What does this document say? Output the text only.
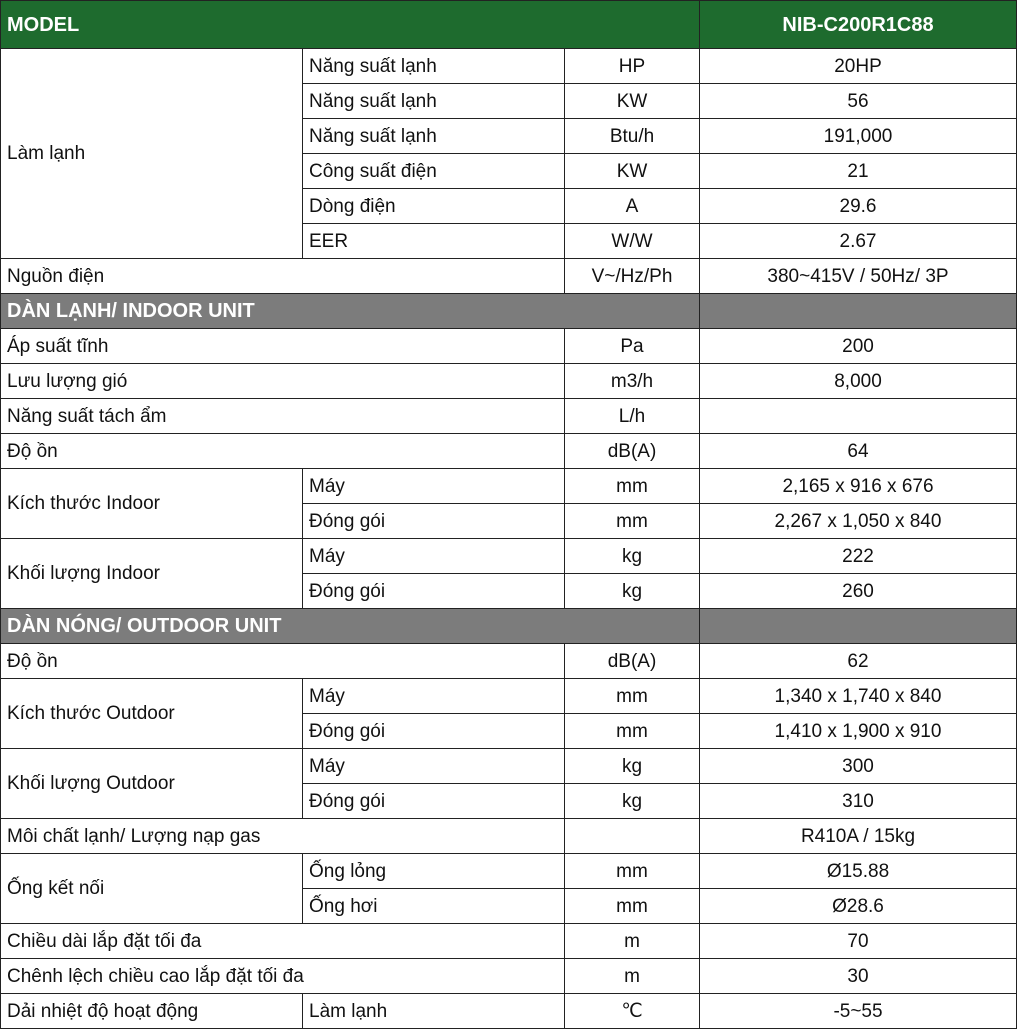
MODEL			NIB-C200R1C88
Làm lạnh	Năng suất lạnh	HP	20HP
	Năng suất lạnh	KW	56
	Năng suất lạnh	Btu/h	191,000
	Công suất điện	KW	21
	Dòng điện	A	29.6
	EER	W/W	2.67
Nguồn điện		V~/Hz/Ph	380~415V / 50Hz/ 3P
DÀN LẠNH/ INDOOR UNIT			
Áp suất tĩnh		Pa	200
Lưu lượng gió		m3/h	8,000
Năng suất tách ẩm		L/h	
Độ ồn		dB(A)	64
Kích thước Indoor	Máy	mm	2,165 x 916 x 676
	Đóng gói	mm	2,267 x 1,050 x 840
Khối lượng Indoor	Máy	kg	222
	Đóng gói	kg	260
DÀN NÓNG/ OUTDOOR UNIT			
Độ ồn		dB(A)	62
Kích thước Outdoor	Máy	mm	1,340 x 1,740 x 840
	Đóng gói	mm	1,410 x 1,900 x 910
Khối lượng Outdoor	Máy	kg	300
	Đóng gói	kg	310
Môi chất lạnh/ Lượng nạp gas			R410A / 15kg
Ống kết nối	Ống lỏng	mm	Ø15.88
	Ống hơi	mm	Ø28.6
Chiều dài lắp đặt tối đa		m	70
Chênh lệch chiều cao lắp đặt tối đa		m	30
Dải nhiệt độ hoạt động	Làm lạnh	℃	-5~55
